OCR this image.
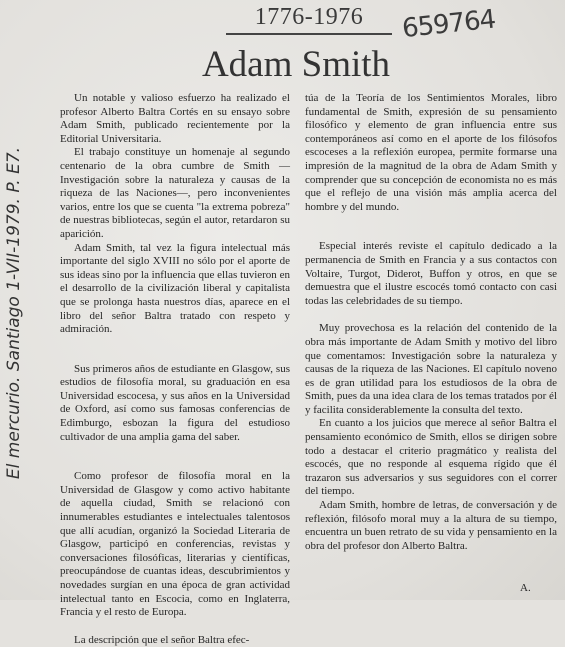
1776-1976
Adam Smith
659764
El mercurio. Santiago 1-VII-1979. P. E7.

Un notable y valioso esfuerzo ha realizado el profesor Alberto Baltra Cortés en su ensayo sobre Adam Smith, publicado recientemente por la Editorial Universitaria.

El trabajo constituye un homenaje al segundo centenario de la obra cumbre de Smith —Investigación sobre la naturaleza y causas de la riqueza de las Naciones—, pero inconvenientes varios, entre los que se cuenta "la extrema pobreza" de nuestras bibliotecas, según el autor, retardaron su aparición.

Adam Smith, tal vez la figura intelectual más importante del siglo XVIII no sólo por el aporte de sus ideas sino por la influencia que ellas tuvieron en el desarrollo de la civilización liberal y capitalista que se prolonga hasta nuestros días, aparece en el libro del señor Baltra tratado con respeto y admiración.

Sus primeros años de estudiante en Glasgow, sus estudios de filosofía moral, su graduación en esa Universidad escocesa, y sus años en la Universidad de Oxford, así como sus famosas conferencias de Edimburgo, esbozan la figura del estudioso cultivador de una amplia gama del saber.

Como profesor de filosofía moral en la Universidad de Glasgow y como activo habitante de aquella ciudad, Smith se relacionó con innumerables estudiantes e intelectuales talentosos que allí acudían, organizó la Sociedad Literaria de Glasgow, participó en conferencias, revistas y conversaciones filosóficas, literarias y científicas, preocupándose de cuantas ideas, descubrimientos y novedades surgían en una época de gran actividad intelectual tanto en Escocia, como en Inglaterra, Francia y el resto de Europa.

La descripción que el señor Baltra efec-

túa de la Teoría de los Sentimientos Morales, libro fundamental de Smith, expresión de su pensamiento filosófico y elemento de gran influencia entre sus contemporáneos así como en el aporte de los filósofos escoceses a la reflexión europea, permite formarse una impresión de la magnitud de la obra de Adam Smith y comprender que su concepción de economista no es más que el reflejo de una visión más amplia acerca del hombre y del mundo.

Especial interés reviste el capítulo dedicado a la permanencia de Smith en Francia y a sus contactos con Voltaire, Turgot, Diderot, Buffon y otros, en que se demuestra que el ilustre escocés tomó contacto con casi todas las celebridades de su tiempo.

Muy provechosa es la relación del contenido de la obra más importante de Adam Smith y motivo del libro que comentamos: Investigación sobre la naturaleza y causas de la riqueza de las Naciones. El capítulo noveno es de gran utilidad para los estudiosos de la obra de Smith, pues da una idea clara de los temas tratados por él y facilita considerablemente la consulta del texto.

En cuanto a los juicios que merece al señor Baltra el pensamiento económico de Smith, ellos se dirigen sobre todo a destacar el criterio pragmático y realista del escocés, que no responde al esquema rígido que él trazaron sus adversarios y sus seguidores con el correr del tiempo.

Adam Smith, hombre de letras, de conversación y de reflexión, filósofo moral muy a la altura de su tiempo, encuentra un buen retrato de su vida y pensamiento en la obra del profesor don Alberto Baltra.

A.
